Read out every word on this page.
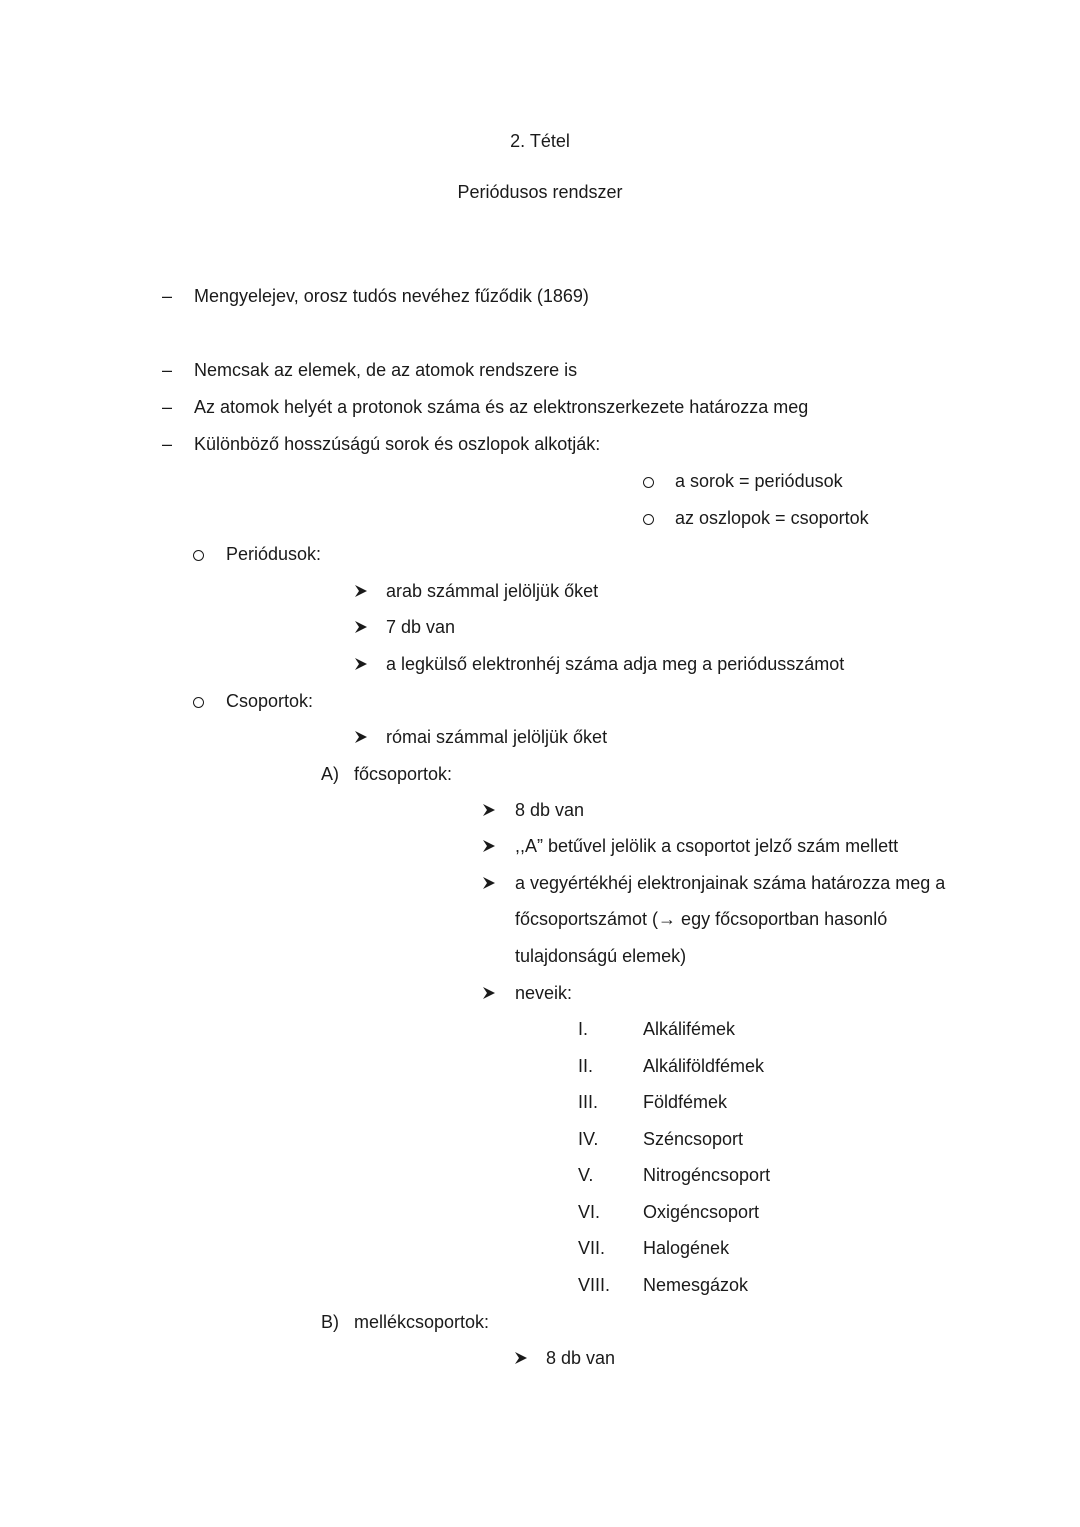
2. Tétel
Periódusos rendszer
– Mengyelejev, orosz tudós nevéhez fűződik (1869)
– Nemcsak az elemek, de az atomok rendszere is
– Az atomok helyét a protonok száma és az elektronszerkezete határozza meg
– Különböző hosszúságú sorok és oszlopok alkotják:
a sorok = periódusok
az oszlopok = csoportok
Periódusok:
arab számmal jelöljük őket
7 db van
a legkülső elektronhéj száma adja meg a periódusszámot
Csoportok:
római számmal jelöljük őket
A) főcsoportok:
8 db van
,,A” betűvel jelölik a csoportot jelző szám mellett
a vegyértékhéj elektronjainak száma határozza meg a
főcsoportszámot (→ egy főcsoportban hasonló
tulajdonságú elemek)
neveik:
I.	Alkálifémek
II.	Alkáliföldfémek
III. Földfémek
IV. Széncsoport
V.	Nitrogéncsoport
VI. Oxigéncsoport
VII. Halogének
VIII. Nemesgázok
B) mellékcsoportok:
8 db van
